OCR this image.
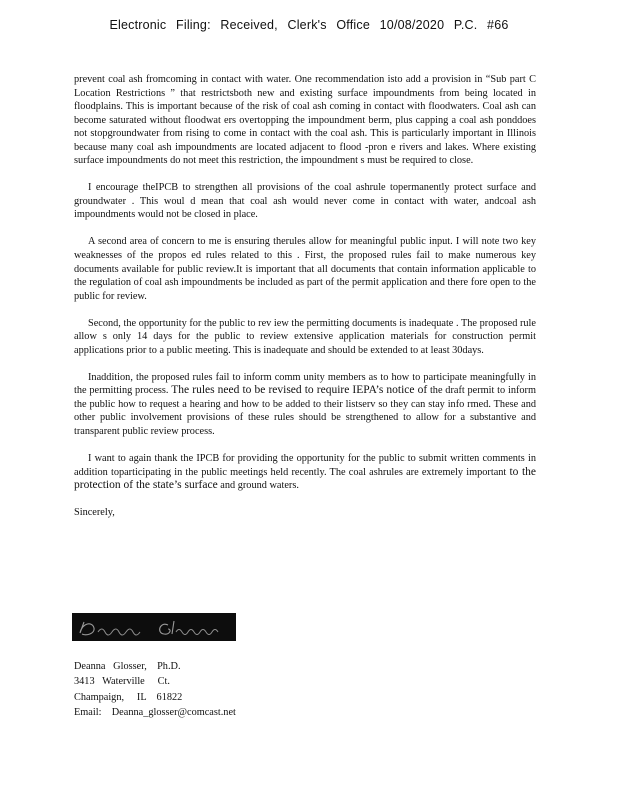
Electronic Filing: Received, Clerk's Office 10/08/2020 P.C. #66

prevent coal ash fromcoming in contact with water. One recommendation isto add a provision in “Sub part C Location Restrictions ” that restrictsboth new and existing surface impoundments from being located in floodplains. This is important because of the risk of coal ash coming in contact with floodwaters. Coal ash can become saturated without floodwat ers overtopping the impoundment berm, plus capping a coal ash ponddoes not stopgroundwater from rising to come in contact with the coal ash. This is particularly important in Illinois because many coal ash impoundments are located adjacent to flood -pron e rivers and lakes. Where existing surface impoundments do not meet this restriction, the impoundment s must be required to close.

I encourage theIPCB to strengthen all provisions of the coal ashrule topermanently protect surface and groundwater . This woul d mean that coal ash would never come in contact with water, andcoal ash impoundments would not be closed in place.

A second area of concern to me is ensuring therules allow for meaningful public input. I will note two key weaknesses of the propos ed rules related to this . First, the proposed rules fail to make numerous key documents available for public review.It is important that all documents that contain information applicable to the regulation of coal ash impoundments be included as part of the permit application and there fore open to the public for review.

Second, the opportunity for the public to rev iew the permitting documents is inadequate . The proposed rule allow s only 14 days for the public to review extensive application materials for construction permit applications prior to a public meeting. This is inadequate and should be extended to at least 30days.

Inaddition, the proposed rules fail to inform comm unity members as to how to participate meaningfully in the permitting process. The rules need to be revised to require IEPA’s notice of the draft permit to inform the public how to request a hearing and how to be added to their listserv so they can stay info rmed. These and other public involvement provisions of these rules should be strengthened to allow for a substantive and transparent public review process.

I want to again thank the IPCB for providing the opportunity for the public to submit written comments in addition toparticipating in the public meetings held recently. The coal ashrules are extremely important to the protection of the state’s surface and ground waters.

Sincerely,

Deanna   Glosser,    Ph.D.
3413   Waterville     Ct.
Champaign,     IL    61822
Email:    Deanna_glosser@comcast.net
